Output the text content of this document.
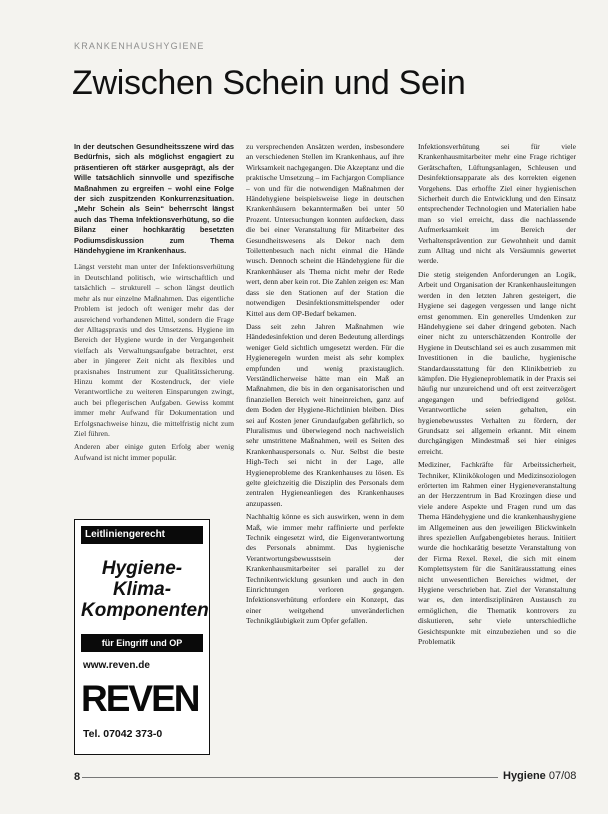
KRANKENHAUSHYGIENE
Zwischen Schein und Sein

In der deutschen Gesundheitsszene wird das Bedürfnis, sich als möglichst engagiert zu präsentieren oft stärker ausgeprägt, als der Wille tatsächlich sinnvolle und spezifische Maßnahmen zu ergreifen – wohl eine Folge der sich zuspitzenden Konkurrenzsituation. „Mehr Schein als Sein“ beherrscht längst auch das Thema Infektionsverhütung, so die Bilanz einer hochkarätig besetzten Podiumsdiskussion zum Thema Händehygiene im Krankenhaus.

Längst versteht man unter der Infektionsverhütung in Deutschland politisch, wie wirtschaftlich und tatsächlich – strukturell – schon längst deutlich mehr als nur einzelne Maßnahmen. Das eigentliche Problem ist jedoch oft weniger mehr das der ausreichend vorhandenen Mittel, sondern die Frage der Alltagspraxis und des Umsetzens. Hygiene im Bereich der Hygiene wurde in der Vergangenheit vielfach als Verwaltungsaufgabe betrachtet, erst aber in jüngerer Zeit nicht als flexibles und praxisnahes Instrument zur Qualitätssicherung. Hinzu kommt der Kostendruck, der viele Verantwortliche zu weiteren Einsparungen zwingt, auch bei pflegerischen Aufgaben. Gewiss kommt immer mehr Aufwand für Dokumentation und Erfolgsnachweise hinzu, die mittelfristig nicht zum Ziel führen.

Anderen aber einige guten Erfolg aber wenig Aufwand ist nicht immer populär.

zu versprechenden Ansätzen werden, insbesondere an verschiedenen Stellen im Krankenhaus, auf ihre Wirksamkeit nachgegangen. Die Akzeptanz und die praktische Umsetzung – im Fachjargon Compliance – von und für die notwendigen Maßnahmen der Händehygiene beispielsweise liege in deutschen Krankenhäusern bekanntermaßen bei unter 50 Prozent. Untersuchungen konnten aufdecken, dass die bei einer Veranstaltung für Mitarbeiter des Gesundheitswesens als Dekor nach dem Toilettenbesuch nach nicht einmal die Hände wusch. Dennoch scheint die Händehygiene für die Krankenhäuser als Thema nicht mehr der Rede wert, denn aber kein rot. Die Zahlen zeigen es: Man dass sie den Stationen auf der Station die notwendigen Desinfektionsmittelspender oder Kittel aus dem OP-Bedarf bekamen.

Dass seit zehn Jahren Maßnahmen wie Händedesinfektion und deren Bedeutung allerdings weniger Geld sichtlich umgesetzt werden. Für die Hygieneregeln wurden meist als sehr komplex empfunden und wenig praxistauglich. Verständlicherweise hätte man ein Maß an Maßnahmen, die bis in den organisatorischen und finanziellen Bereich weit hineinreichen, ganz auf dem Boden der Hygiene-Richtlinien bleiben. Dies sei auf Kosten jener Grundaufgaben gefährlich, so Pluralismus und überwiegend noch nachweislich sehr umstrittene Maßnahmen, weil es Seiten des Krankenhauspersonals o. Nur. Selbst die beste High-Tech sei nicht in der Lage, alle Hygieneprobleme des Krankenhauses zu lösen. Es gelte gleichzeitig die Disziplin des Personals dem zentralen Hygieneanliegen des Krankenhauses anzupassen.

Nachhaltig könne es sich auswirken, wenn in dem Maß, wie immer mehr raffinierte und perfekte Technik eingesetzt wird, die Eigenverantwortung des Personals abnimmt. Das hygienische Verantwortungsbewusstsein der Krankenhausmitarbeiter sei parallel zu der Technikentwicklung gesunken und auch in den Einrichtungen verloren gegangen. Infektionsverhütung erfordere ein Konzept, das einer weitgehend unveränderlichen Technikgläubigkeit zum Opfer gefallen.

Infektionsverhütung sei für viele Krankenhausmitarbeiter mehr eine Frage richtiger Gerätschaften, Lüftungsanlagen, Schleusen und Desinfektionsapparate als des korrekten eigenen Vorgehens. Das erhoffte Ziel einer hygienischen Sicherheit durch die Entwicklung und den Einsatz entsprechender Technologien und Materialien habe man so viel erreicht, dass die nachlassende Aufmerksamkeit im Bereich der Verhaltensprävention zur Gewohnheit und damit zum Alltag und nicht als Versäumnis gewertet werde.

Die stetig steigenden Anforderungen an Logik, Arbeit und Organisation der Krankenhausleitungen werden in den letzten Jahren gesteigert, die Hygiene sei dagegen vergessen und lange nicht ernst genommen. Ein generelles Umdenken zur Händehygiene sei daher dringend geboten. Nach einer nicht zu unterschätzenden Kontrolle der Hygiene in Deutschland sei es auch zusammen mit Investitionen in die bauliche, hygienische Standardausstattung für den Klinikbetrieb zu kämpfen. Die Hygieneproblematik in der Praxis sei häufig nur unzureichend und oft erst zeitverzögert angegangen und befriedigend gelöst. Verantwortliche seien gehalten, ein hygienebewusstes Verhalten zu fördern, der Grundsatz sei allgemein erkannt. Mit einem durchgängigen Mindestmaß sei hier einiges erreicht.

Mediziner, Fachkräfte für Arbeitssicherheit, Techniker, Klinikökologen und Medizinsoziologen erörterten im Rahmen einer Hygieneveranstaltung an der Herzzentrum in Bad Krozingen diese und viele andere Aspekte und Fragen rund um das Thema Händehygiene und die krankenhaushygiene im Allgemeinen aus den jeweiligen Blickwinkeln ihres speziellen Aufgabengebietes heraus. Initiiert wurde die hochkarätig besetzte Veranstaltung von der Firma Rexel. Rexel, die sich mit einem Komplettsystem für die Sanitärausstattung eines nicht unwesentlichen Bereiches widmet, der Hygiene verschrieben hat. Ziel der Veranstaltung war es, den interdisziplinären Austausch zu ermöglichen, die Thematik kontrovers zu diskutieren, sehr viele unterschiedliche Gesichtspunkte mit einzubeziehen und so die Problematik

Leitliniengerecht
Hygiene-
Klima-
Komponenten
für Eingriff und OP
www.reven.de
REVEN
Tel. 07042 373-0
8	Hygiene 07/08
